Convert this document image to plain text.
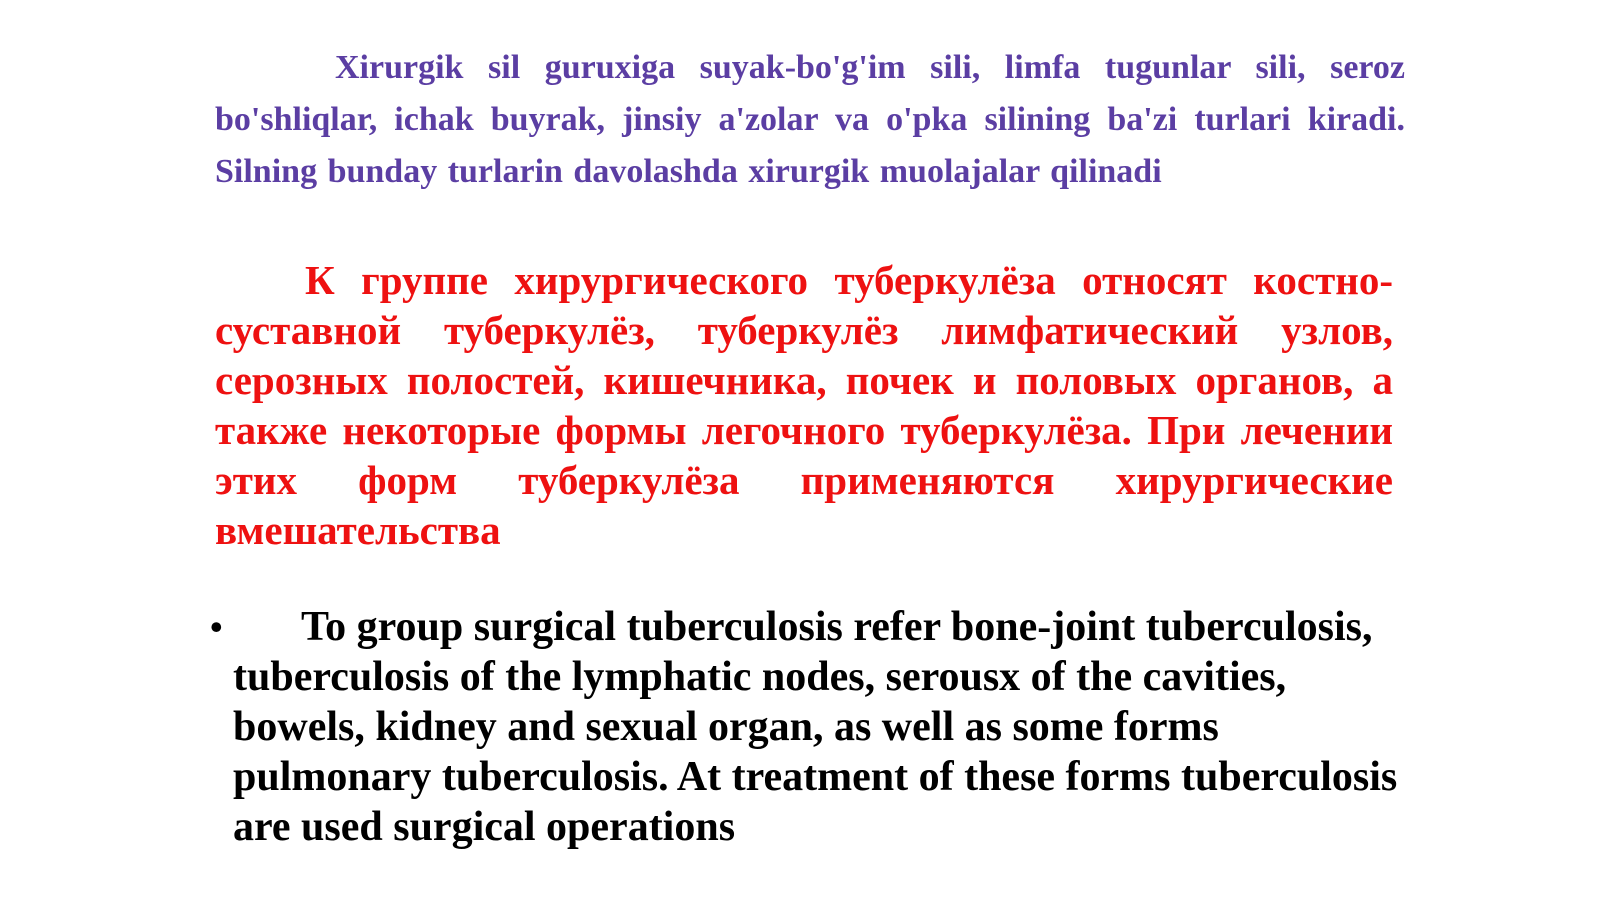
Xirurgik sil guruxiga suyak-bo'g'im sili, limfa tugunlar sili, seroz bo'shliqlar, ichak buyrak, jinsiy a'zolar va o'pka silining ba'zi turlari kiradi. Silning bunday turlarin davolashda xirurgik muolajalar qilinadi

К группе хирургического туберкулёза относят костно-суставной туберкулёз, туберкулёз лимфатический узлов, серозных полостей, кишечника, почек и половых органов, а также некоторые формы легочного туберкулёза. При лечении этих форм туберкулёза применяются хирургические вмешательства

•	To group surgical tuberculosis refer bone-joint tuberculosis, tuberculosis of the lymphatic nodes, serousx of the cavities, bowels, kidney and sexual organ, as well as some forms pulmonary tuberculosis. At treatment of these forms tuberculosis are used surgical operations
